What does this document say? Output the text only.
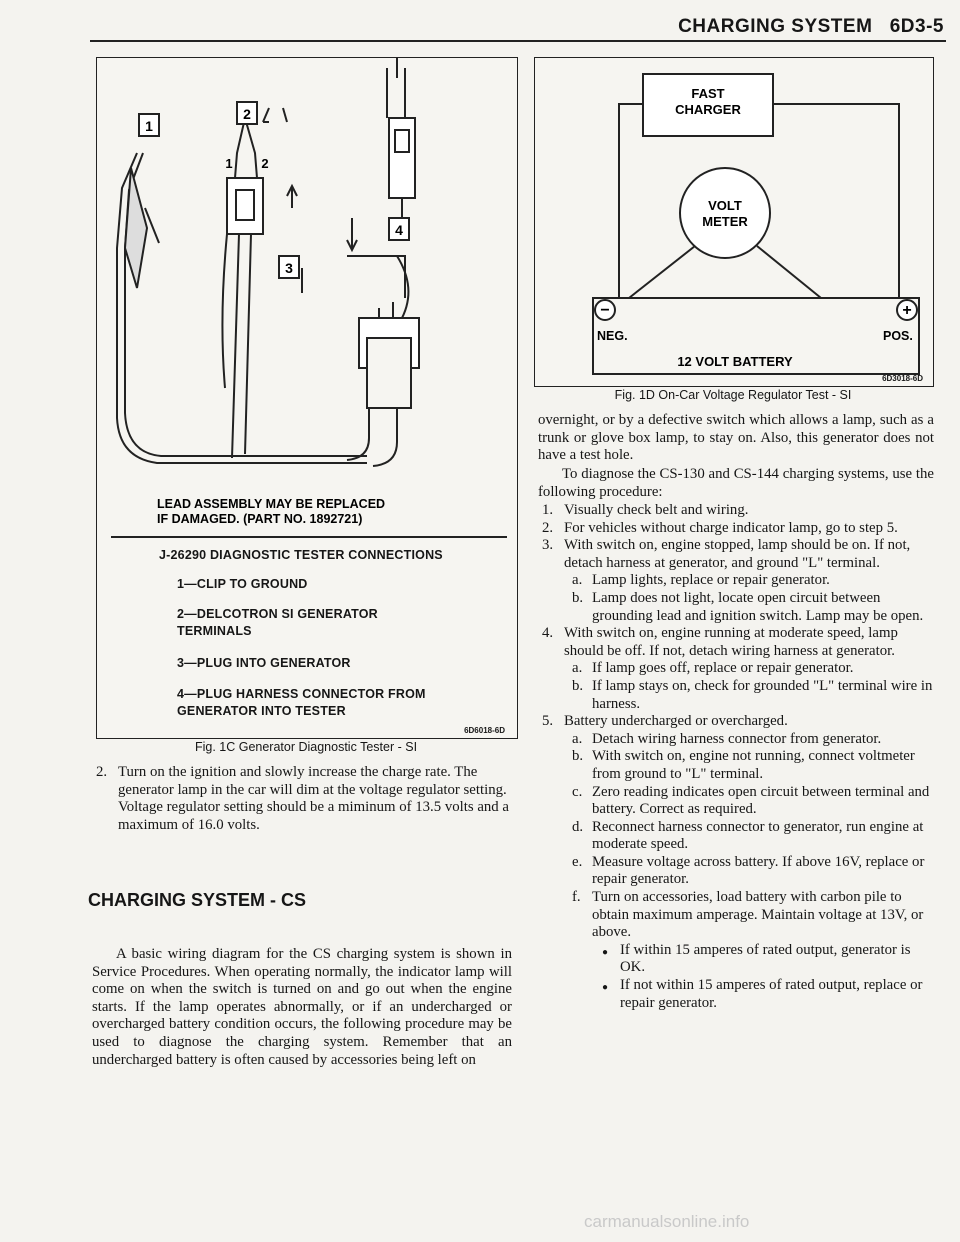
CHARGING SYSTEM   6D3-5
1
2
3
4
1 2
LEAD ASSEMBLY MAY BE REPLACED
IF DAMAGED. (PART NO. 1892721)
J-26290 DIAGNOSTIC TESTER CONNECTIONS
1—CLIP TO GROUND
2—DELCOTRON SI GENERATOR
TERMINALS
3—PLUG INTO GENERATOR
4—PLUG HARNESS CONNECTOR FROM
GENERATOR INTO TESTER
6D6018-6D
Fig. 1C Generator Diagnostic Tester - SI
FAST
CHARGER
VOLT
METER
−	+
NEG.	POS.
12 VOLT BATTERY
6D3018-6D
Fig. 1D On-Car Voltage Regulator Test - SI
2. Turn on the ignition and slowly increase the charge rate. The generator lamp in the car will dim at the voltage regulator setting. Voltage regulator setting should be a miminum of 13.5 volts and a maximum of 16.0 volts.
CHARGING SYSTEM - CS
A basic wiring diagram for the CS charging system is shown in Service Procedures. When operating normally, the indicator lamp will come on when the switch is turned on and go out when the engine starts. If the lamp operates abnormally, or if an undercharged or overcharged battery condition occurs, the following procedure may be used to diagnose the charging system. Remember that an undercharged battery is often caused by accessories being left on
overnight, or by a defective switch which allows a lamp, such as a trunk or glove box lamp, to stay on. Also, this generator does not have a test hole.
To diagnose the CS-130 and CS-144 charging systems, use the following procedure:
1. Visually check belt and wiring.
2. For vehicles without charge indicator lamp, go to step 5.
3. With switch on, engine stopped, lamp should be on. If not, detach harness at generator, and ground "L" terminal.
a. Lamp lights, replace or repair generator.
b. Lamp does not light, locate open circuit between grounding lead and ignition switch. Lamp may be open.
4. With switch on, engine running at moderate speed, lamp should be off. If not, detach wiring harness at generator.
a. If lamp goes off, replace or repair generator.
b. If lamp stays on, check for grounded "L" terminal wire in harness.
5. Battery undercharged or overcharged.
a. Detach wiring harness connector from generator.
b. With switch on, engine not running, connect voltmeter from ground to "L" terminal.
c. Zero reading indicates open circuit between terminal and battery. Correct as required.
d. Reconnect harness connector to generator, run engine at moderate speed.
e. Measure voltage across battery. If above 16V, replace or repair generator.
f. Turn on accessories, load battery with carbon pile to obtain maximum amperage. Maintain voltage at 13V, or above.
● If within 15 amperes of rated output, generator is OK.
● If not within 15 amperes of rated output, replace or repair generator.
carmanualsonline.info
